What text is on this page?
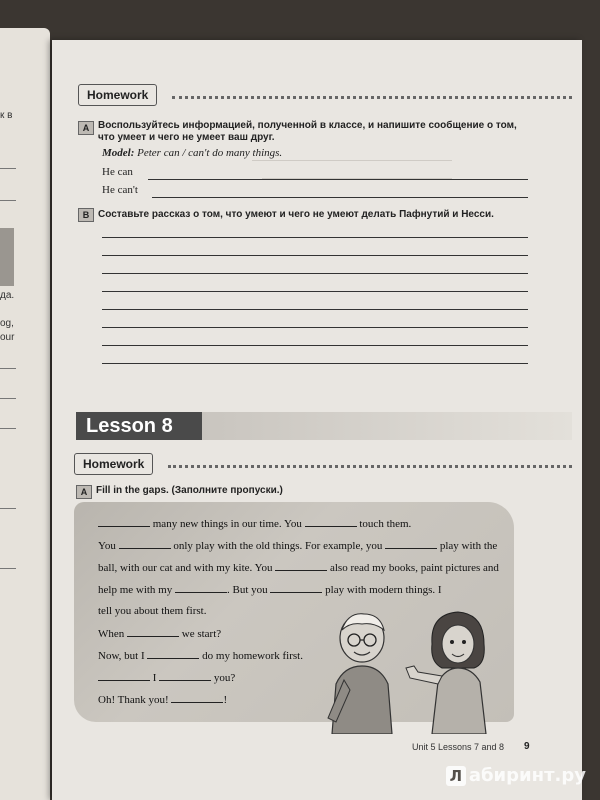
к в
да.
og,
our
Homework
A Воспользуйтесь информацией, полученной в классе, и напишите сообщение о том,
что умеет и чего не умеет ваш друг.
Model: Peter can / can't do many things.
He can
He can't
B Составьте рассказ о том, что умеют и чего не умеют делать Пафнутий и Несси.
Lesson 8
Homework
A Fill in the gaps. (Заполните пропуски.)
many new things in our time. You	touch them.
You	only play with the old things. For example, you	play with the
ball, with our cat and with my kite. You	also read my books, paint pictures and
help me with my	. But you	play with modern things. I
tell you about them first.
When	we start?
Now, but I	do my homework first.
I	you?
Oh! Thank you!	!
Unit 5 Lessons 7 and 8 9
Л абиринт.ру
